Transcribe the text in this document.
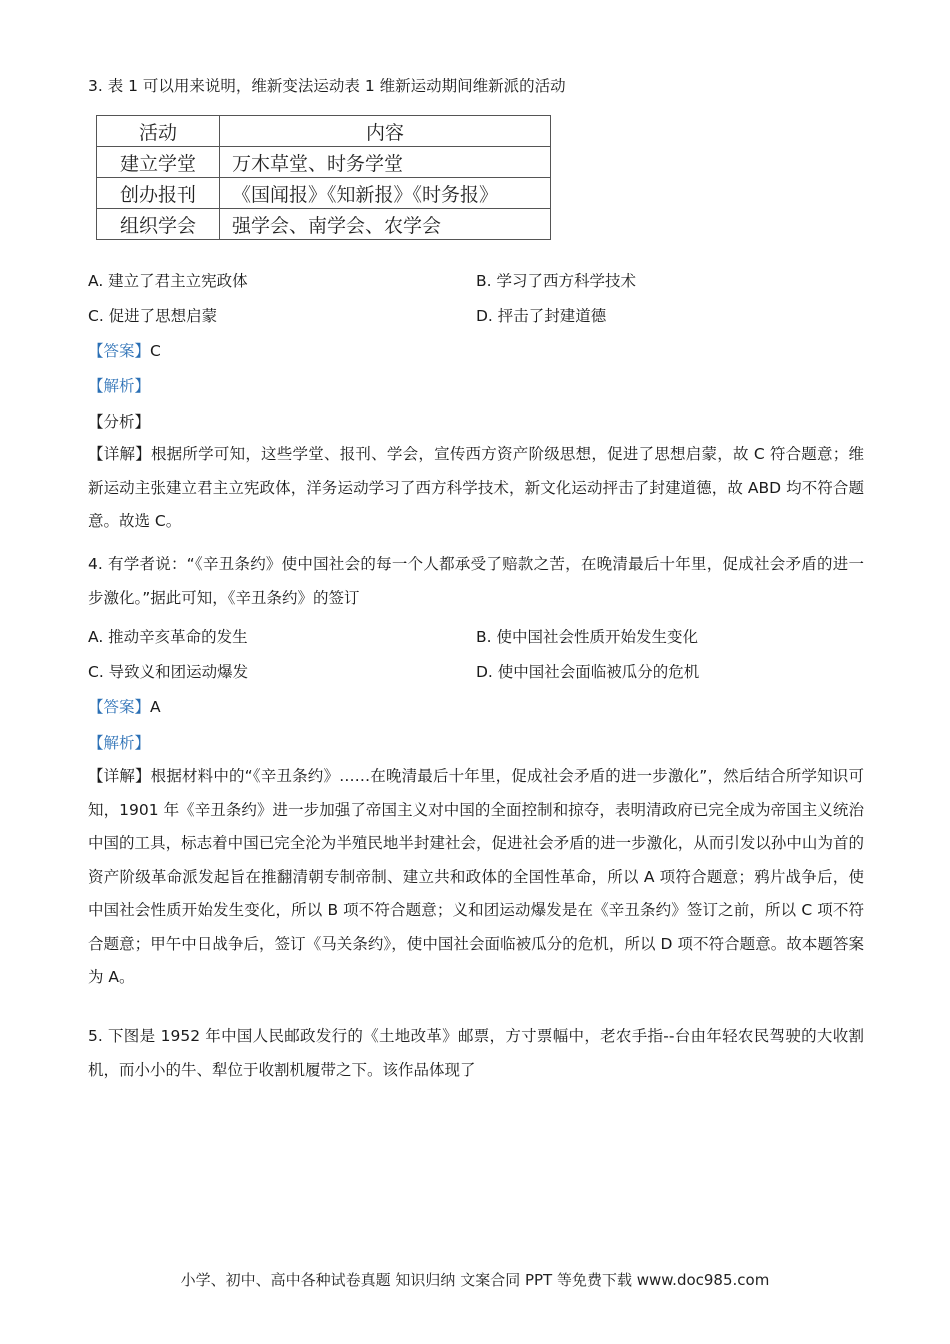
3. 表 1 可以用来说明，维新变法运动表 1 维新运动期间维新派的活动
活动	内容
建立学堂	万木草堂、时务学堂
创办报刊	《国闻报》《知新报》《时务报》
组织学会	强学会、南学会、农学会
A. 建立了君主立宪政体	B. 学习了西方科学技术
C. 促进了思想启蒙	D. 抨击了封建道德
【答案】C
【解析】
【分析】
【详解】根据所学可知，这些学堂、报刊、学会，宣传西方资产阶级思想，促进了思想启蒙，故 C 符合题意；维新运动主张建立君主立宪政体，洋务运动学习了西方科学技术，新文化运动抨击了封建道德，故 ABD 均不符合题意。故选 C。
4. 有学者说：“《辛丑条约》使中国社会的每一个人都承受了赔款之苦，在晚清最后十年里，促成社会矛盾的进一步激化。”据此可知，《辛丑条约》的签订
A. 推动辛亥革命的发生	B. 使中国社会性质开始发生变化
C. 导致义和团运动爆发	D. 使中国社会面临被瓜分的危机
【答案】A
【解析】
【详解】根据材料中的“《辛丑条约》……在晚清最后十年里，促成社会矛盾的进一步激化”，然后结合所学知识可知，1901 年《辛丑条约》进一步加强了帝国主义对中国的全面控制和掠夺，表明清政府已完全成为帝国主义统治中国的工具，标志着中国已完全沦为半殖民地半封建社会，促进社会矛盾的进一步激化，从而引发以孙中山为首的资产阶级革命派发起旨在推翻清朝专制帝制、建立共和政体的全国性革命，所以 A 项符合题意；鸦片战争后，使中国社会性质开始发生变化，所以 B 项不符合题意；义和团运动爆发是在《辛丑条约》签订之前，所以 C 项不符合题意；甲午中日战争后，签订《马关条约》，使中国社会面临被瓜分的危机，所以 D 项不符合题意。故本题答案为 A。
5. 下图是 1952 年中国人民邮政发行的《土地改革》邮票，方寸票幅中，老农手指--台由年轻农民驾驶的大收割机，而小小的牛、犁位于收割机履带之下。该作品体现了
小学、初中、高中各种试卷真题 知识归纳 文案合同 PPT 等免费下载 www.doc985.com
